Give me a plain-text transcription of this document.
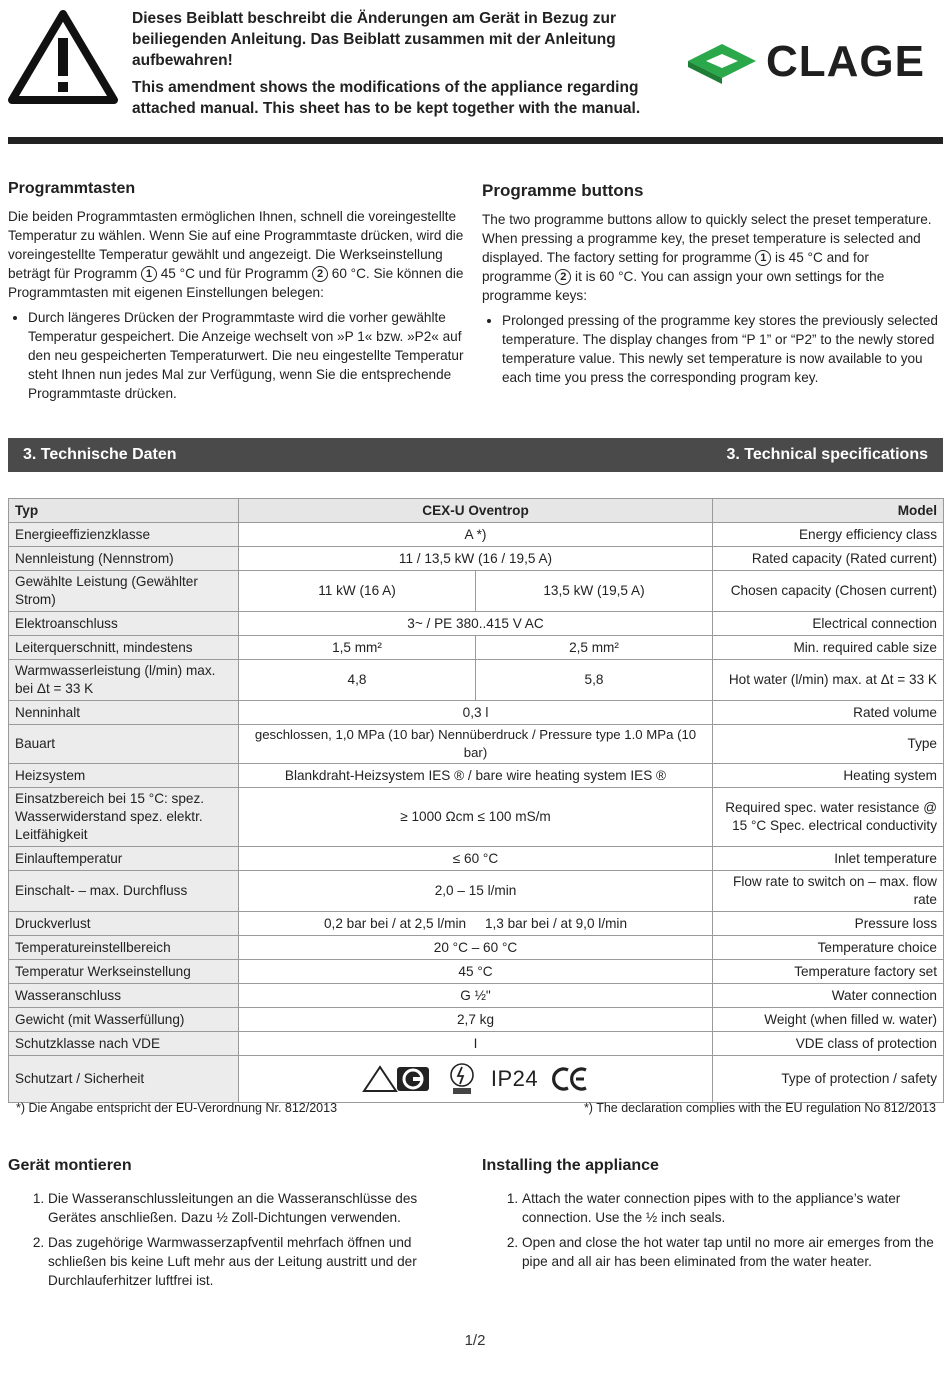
Dieses Beiblatt beschreibt die Änderungen am Gerät in Bezug zur beiliegenden Anleitung. Das Beiblatt zusammen mit der Anleitung aufbewahren!

This amendment shows the modifications of the appliance regarding attached manual. This sheet has to be kept together with the manual.

CLAGE
Programmtasten

Die beiden Programmtasten ermöglichen Ihnen, schnell die voreingestellte Temperatur zu wählen. Wenn Sie auf eine Programmtaste drücken, wird die voreingestellte Temperatur gewählt und angezeigt. Die Werkseinstellung beträgt für Programm 1 45 °C und für Programm 2 60 °C. Sie können die Programmtasten mit eigenen Einstellungen belegen:

• Durch längeres Drücken der Programmtaste wird die vorher gewählte Temperatur gespeichert. Die Anzeige wechselt von »P 1« bzw. »P2« auf den neu gespeicherten Temperaturwert. Die neu eingestellte Temperatur steht Ihnen nun jedes Mal zur Verfügung, wenn Sie die entsprechende Programmtaste drücken.
Programme buttons

The two programme buttons allow to quickly select the preset temperature. When pressing a programme key, the preset temperature is selected and displayed. The factory setting for programme 1 is 45 °C and for programme 2 it is 60 °C. You can assign your own settings for the programme keys:

• Prolonged pressing of the programme key stores the previously selected temperature. The display changes from “P 1” or “P2” to the newly stored temperature value. This newly set temperature is now available to you each time you press the corresponding program key.
3. Technische Daten	3. Technical specifications
Typ	CEX-U Oventrop		Model
Energieeffizienzklasse	A *)		Energy efficiency class
Nennleistung (Nennstrom)	11 / 13,5 kW (16 / 19,5 A)		Rated capacity (Rated current)
Gewählte Leistung (Gewählter Strom)	11 kW (16 A)	13,5 kW (19,5 A)	Chosen capacity (Chosen current)
Elektroanschluss	3~ / PE 380..415 V AC		Electrical connection
Leiterquerschnitt, mindestens	1,5 mm²	2,5 mm²	Min. required cable size
Warmwasserleistung (l/min) max. bei Δt = 33 K	4,8	5,8	Hot water (l/min) max. at Δt = 33 K
Nenninhalt	0,3 l		Rated volume
Bauart	geschlossen, 1,0 MPa (10 bar) Nennüberdruck / Pressure type 1.0 MPa (10 bar)		Type
Heizsystem	Blankdraht-Heizsystem IES ® / bare wire heating system IES ®		Heating system
Einsatzbereich bei 15 °C: spez. Wasserwiderstand spez. elektr. Leitfähigkeit	≥ 1000 Ωcm ≤ 100 mS/m		Required spec. water resistance @ 15 °C Spec. electrical conductivity
Einlauftemperatur	≤ 60 °C		Inlet temperature
Einschalt- – max. Durchfluss	2,0 – 15 l/min		Flow rate to switch on – max. flow rate
Druckverlust	0,2 bar bei / at 2,5 l/min     1,3 bar bei / at 9,0 l/min		Pressure loss
Temperatureinstellbereich	20 °C – 60 °C		Temperature choice
Temperatur Werkseinstellung	45 °C		Temperature factory set
Wasseranschluss	G ½"		Water connection
Gewicht (mit Wasserfüllung)	2,7 kg		Weight (when filled w. water)
Schutzklasse nach VDE	I		VDE class of protection
Schutzart / Sicherheit	IP24		Type of protection / safety
*) Die Angabe entspricht der EU-Verordnung Nr. 812/2013	*) The declaration complies with the EU regulation No 812/2013
Gerät montieren
1. Die Wasseranschlussleitungen an die Wasseranschlüsse des Gerätes anschließen. Dazu ½ Zoll-Dichtungen verwenden.
2. Das zugehörige Warmwasserzapfventil mehrfach öffnen und schließen bis keine Luft mehr aus der Leitung austritt und der Durchlauferhitzer luftfrei ist.
Installing the appliance
1. Attach the water connection pipes with to the appliance’s water connection. Use the ½ inch seals.
2. Open and close the hot water tap until no more air emerges from the pipe and all air has been eliminated from the water heater.
1/2
